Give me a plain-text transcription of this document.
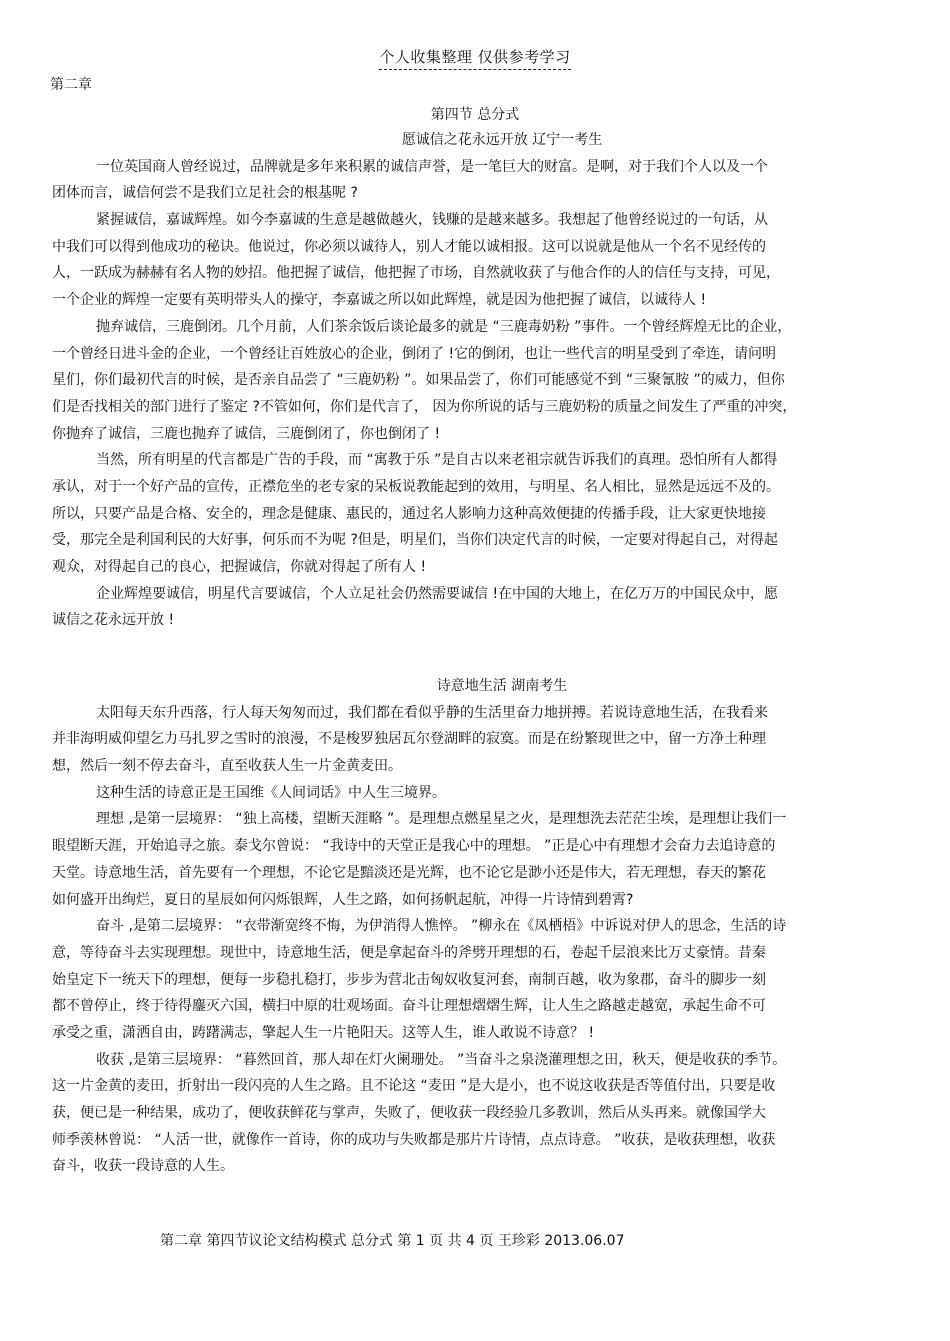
个人收集整理 仅供参考学习
第二章
第四节 总分式
愿诚信之花永远开放 辽宁一考生
一位英国商人曾经说过，品牌就是多年来积累的诚信声誉，是一笔巨大的财富。是啊，对于我们个人以及一个
团体而言，诚信何尝不是我们立足社会的根基呢 ?
紧握诚信，嘉诚辉煌。如今李嘉诚的生意是越做越火，钱赚的是越来越多。我想起了他曾经说过的一句话，从
中我们可以得到他成功的秘诀。他说过，你必须以诚待人，别人才能以诚相报。这可以说就是他从一个名不见经传的
人，一跃成为赫赫有名人物的妙招。他把握了诚信，他把握了市场，自然就收获了与他合作的人的信任与支持，可见，
一个企业的辉煌一定要有英明带头人的操守，李嘉诚之所以如此辉煌，就是因为他把握了诚信，以诚待人 !
抛弃诚信，三鹿倒闭。几个月前，人们茶余饭后谈论最多的就是 “三鹿毒奶粉 ”事件。一个曾经辉煌无比的企业，
一个曾经日进斗金的企业，一个曾经让百姓放心的企业，倒闭了 !它的倒闭，也让一些代言的明星受到了牵连，请问明
星们，你们最初代言的时候，是否亲自品尝了 “三鹿奶粉 ”。如果品尝了，你们可能感觉不到 “三聚氰胺 ”的威力，但你
们是否找相关的部门进行了鉴定 ?不管如何，你们是代言了， 因为你所说的话与三鹿奶粉的质量之间发生了严重的冲突，
你抛弃了诚信，三鹿也抛弃了诚信，三鹿倒闭了，你也倒闭了 !
当然，所有明星的代言都是广告的手段，而 “寓教于乐 ”是自古以来老祖宗就告诉我们的真理。恐怕所有人都得
承认，对于一个好产品的宣传，正襟危坐的老专家的呆板说教能起到的效用，与明星、名人相比，显然是远远不及的。
所以，只要产品是合格、安全的，理念是健康、惠民的，通过名人影响力这种高效便捷的传播手段，让大家更快地接
受，那完全是利国利民的大好事，何乐而不为呢 ?但是，明星们，当你们决定代言的时候，一定要对得起自己，对得起
观众，对得起自己的良心，把握诚信，你就对得起了所有人 !
企业辉煌要诚信，明星代言要诚信，个人立足社会仍然需要诚信 !在中国的大地上，在亿万万的中国民众中，愿
诚信之花永远开放 !
诗意地生活 湖南考生
太阳每天东升西落，行人每天匆匆而过，我们都在看似乎静的生活里奋力地拼搏。若说诗意地生活，在我看来
并非海明威仰望乞力马扎罗之雪时的浪漫，不是梭罗独居瓦尔登湖畔的寂寞。而是在纷繁现世之中，留一方净土种理
想，然后一刻不停去奋斗，直至收获人生一片金黄麦田。
这种生活的诗意正是王国维《人间词话》中人生三境界。
理想 ,是第一层境界： “独上高楼，望断天涯略 ”。是理想点燃星星之火，是理想洗去茫茫尘埃，是理想让我们一
眼望断天涯，开始追寻之旅。泰戈尔曾说： “我诗中的天堂正是我心中的理想。 ”正是心中有理想才会奋力去追诗意的
天堂。诗意地生活，首先要有一个理想，不论它是黯淡还是光辉，也不论它是渺小还是伟大，若无理想，春天的繁花
如何盛开出绚烂，夏日的星辰如何闪烁银辉，人生之路，如何扬帆起航，冲得一片诗情到碧霄?
奋斗 ,是第二层境界： “衣带渐宽终不悔，为伊消得人憔悴。 ”柳永在《凤栖梧》中诉说对伊人的思念，生活的诗
意，等待奋斗去实现理想。现世中，诗意地生活，便是拿起奋斗的斧劈开理想的石，卷起千层浪来比万丈豪情。昔秦
始皇定下一统天下的理想，便每一步稳扎稳打，步步为营北击匈奴收复河套，南制百越，收为象郡，奋斗的脚步一刻
都不曾停止，终于待得鏖灭六国，横扫中原的壮观场面。奋斗让理想熠熠生辉，让人生之路越走越宽，承起生命不可
承受之重，潇洒自由，踌躇满志，擎起人生一片艳阳天。这等人生，谁人敢说不诗意？ !
收获 ,是第三层境界： “暮然回首，那人却在灯火阑珊处。 ”当奋斗之泉浇灌理想之田，秋天，便是收获的季节。
这一片金黄的麦田，折射出一段闪亮的人生之路。且不论这 “麦田 ”是大是小，也不说这收获是否等值付出，只要是收
获，便已是一种结果，成功了，便收获鲜花与掌声，失败了，便收获一段经验几多教训，然后从头再来。就像国学大
师季羡林曾说： “人活一世，就像作一首诗，你的成功与失败都是那片片诗情，点点诗意。 ”收获，是收获理想，收获
奋斗，收获一段诗意的人生。
第二章 第四节议论文结构模式 总分式 第 1 页 共 4 页 王珍彩 2013.06.07
